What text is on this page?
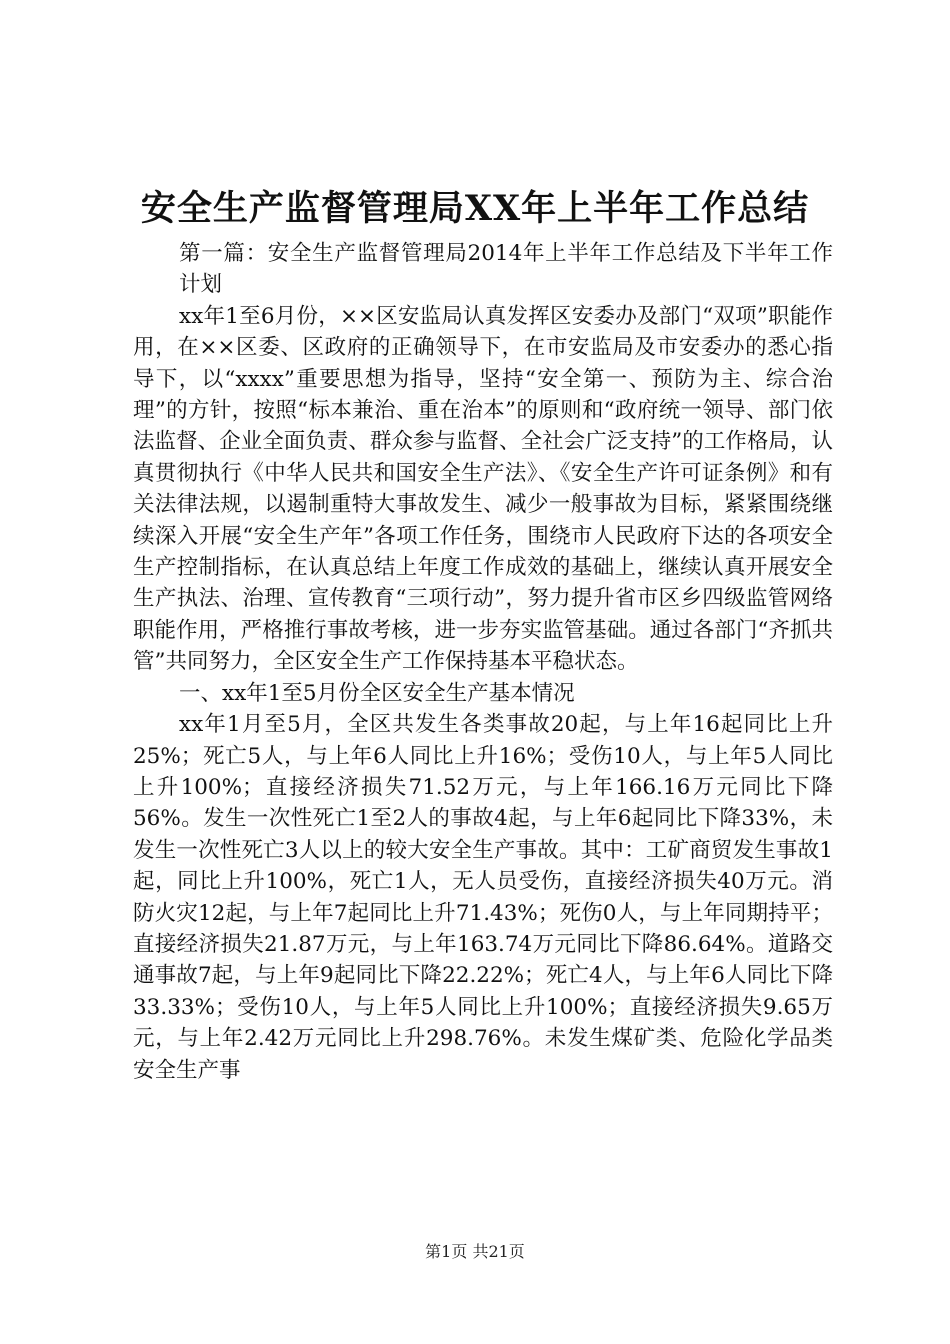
安全生产监督管理局XX年上半年工作总结

第一篇：安全生产监督管理局2014年上半年工作总结及下半年工作计划

xx年1至6月份，××区安监局认真发挥区安委办及部门“双项”职能作用，在××区委、区政府的正确领导下，在市安监局及市安委办的悉心指导下，以“xxxx”重要思想为指导，坚持“安全第一、预防为主、综合治理”的方针，按照“标本兼治、重在治本”的原则和“政府统一领导、部门依法监督、企业全面负责、群众参与监督、全社会广泛支持”的工作格局，认真贯彻执行《中华人民共和国安全生产法》、《安全生产许可证条例》和有关法律法规，以遏制重特大事故发生、减少一般事故为目标，紧紧围绕继续深入开展“安全生产年”各项工作任务，围绕市人民政府下达的各项安全生产控制指标，在认真总结上年度工作成效的基础上，继续认真开展安全生产执法、治理、宣传教育“三项行动”，努力提升省市区乡四级监管网络职能作用，严格推行事故考核，进一步夯实监管基础。通过各部门“齐抓共管”共同努力，全区安全生产工作保持基本平稳状态。

一、xx年1至5月份全区安全生产基本情况

xx年1月至5月，全区共发生各类事故20起，与上年16起同比上升25%；死亡5人，与上年6人同比上升16%；受伤10人，与上年5人同比上升100%；直接经济损失71.52万元，与上年166.16万元同比下降56%。发生一次性死亡1至2人的事故4起，与上年6起同比下降33%，未发生一次性死亡3人以上的较大安全生产事故。其中：工矿商贸发生事故1起，同比上升100%，死亡1人，无人员受伤，直接经济损失40万元。消防火灾12起，与上年7起同比上升71.43%；死伤0人，与上年同期持平；直接经济损失21.87万元，与上年163.74万元同比下降86.64%。道路交通事故7起，与上年9起同比下降22.22%；死亡4人，与上年6人同比下降33.33%；受伤10人，与上年5人同比上升100%；直接经济损失9.65万元，与上年2.42万元同比上升298.76%。未发生煤矿类、危险化学品类安全生产事

第1页 共21页
